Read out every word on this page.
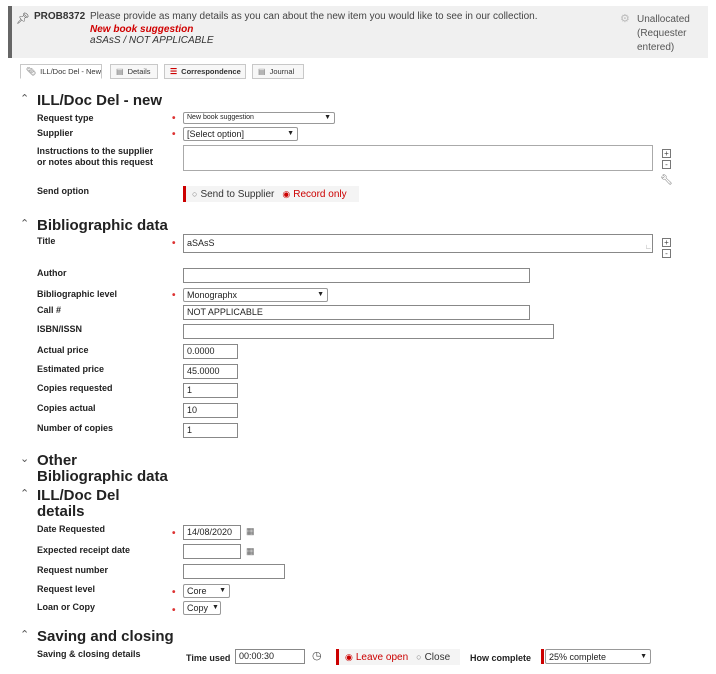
📌︎ PROB8372 Please provide as many details as you can about the new item you would like to see in our collection.
New book suggestion
aSAsS / NOT APPLICABLE
⚙ Unallocated
(Requester
entered)
📎︎ ILL/Doc Del - New ▤ Details ☰ Correspondence ▤ Journal
⌃ ILL/Doc Del - new
Request type	• New book suggestion	▼
Supplier	• [Select option]	▼
Instructions to the supplier
or notes about this request
+
-
🔧︎
Send option	○ Send to Supplier ◉ Record only
⌃ Bibliographic data
Title	•	aSAsS	∟
+
-
Author
Bibliographic level	• Monographx	▼
Call #	NOT APPLICABLE
ISBN/ISSN
Actual price	0.0000
Estimated price	45.0000
Copies requested	1
Copies actual	10
Number of copies	1
⌄ Other
Bibliographic data
⌃ ILL/Doc Del
details
Date Requested	•	14/08/2020	▦
Expected receipt date	▦
Request number
Request level	• Core ▼
Loan or Copy	• Copy ▼
⌃ Saving and closing
Saving & closing details	Time used 00:00:30	◷	◉ Leave open ○ Close How complete 25% complete	▼
